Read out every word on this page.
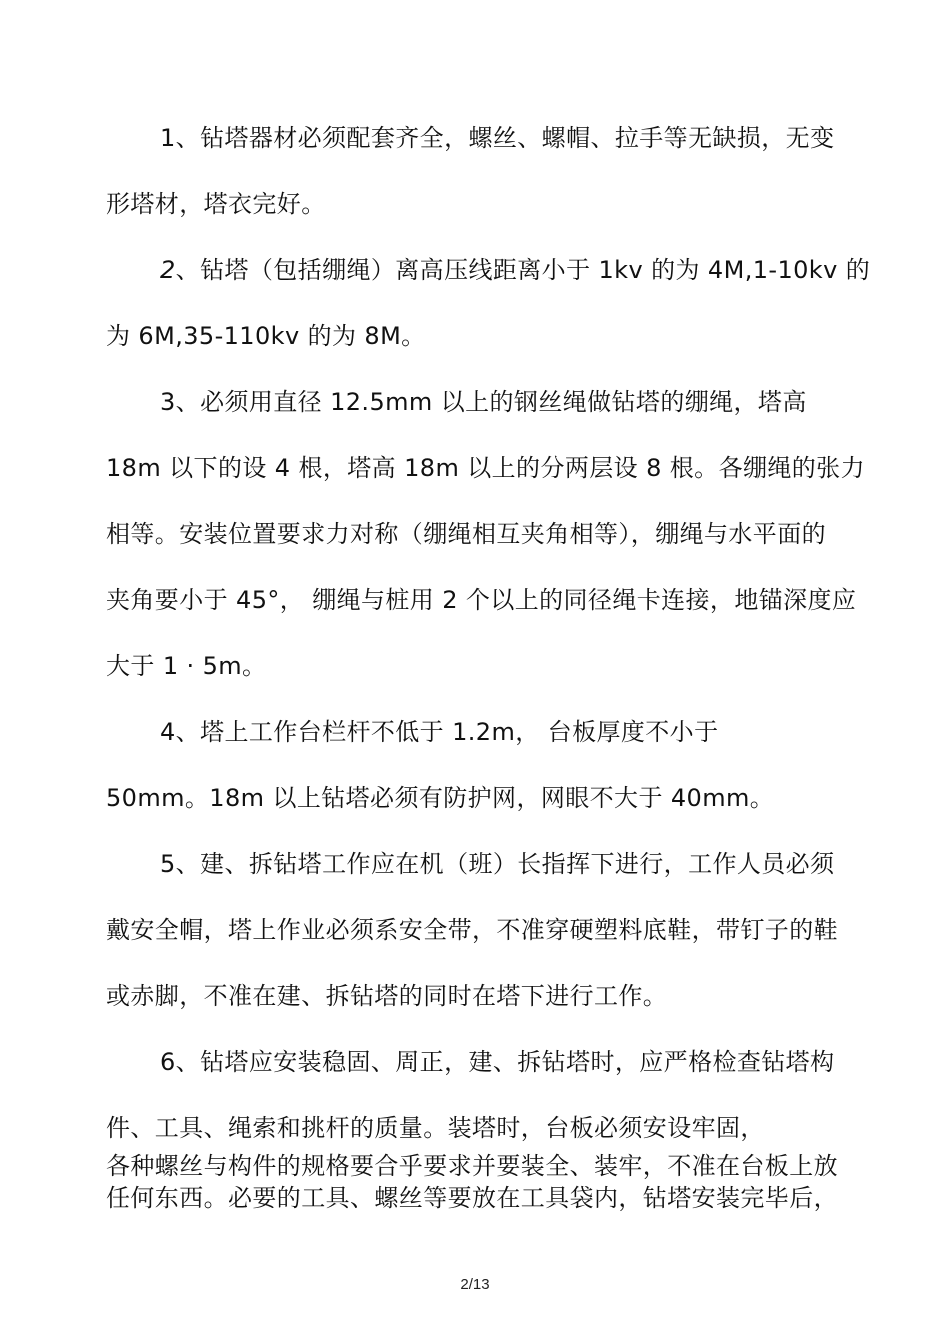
1、钻塔器材必须配套齐全，螺丝、螺帽、拉手等无缺损，无变
形塔材，塔衣完好。
2、钻塔（包括绷绳）离高压线距离小于 1kv 的为 4M,1-10kv 的
为 6M,35-110kv 的为 8M。
3、必须用直径 12.5mm 以上的钢丝绳做钻塔的绷绳，塔高
18m 以下的设 4 根，塔高 18m 以上的分两层设 8 根。各绷绳的张力
相等。安装位置要求力对称（绷绳相互夹角相等），绷绳与水平面的
夹角要小于 45°， 绷绳与桩用 2 个以上的同径绳卡连接，地锚深度应
大于 1 · 5m。
4、塔上工作台栏杆不低于 1.2m， 台板厚度不小于
50mm。18m 以上钻塔必须有防护网，网眼不大于 40mm。
5、建、拆钻塔工作应在机（班）长指挥下进行，工作人员必须
戴安全帽，塔上作业必须系安全带，不准穿硬塑料底鞋，带钉子的鞋
或赤脚，不准在建、拆钻塔的同时在塔下进行工作。
6、钻塔应安装稳固、周正，建、拆钻塔时，应严格检查钻塔构
件、工具、绳索和挑杆的质量。装塔时，台板必须安设牢固，
各种螺丝与构件的规格要合乎要求并要装全、装牢，不准在台板上放
任何东西。必要的工具、螺丝等要放在工具袋内，钻塔安装完毕后，
2/13
